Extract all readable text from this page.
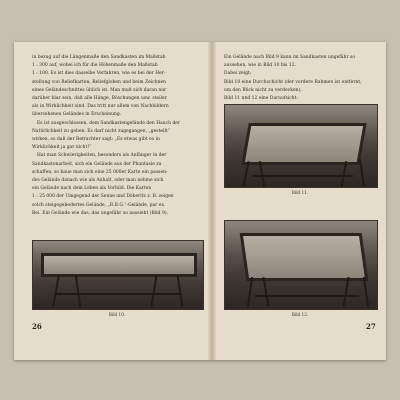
in bezug auf die Längenmaße den Sandkasten im Maßstab

1 : 300 auf, wobei ich für die Höhenmaße den Maßstab

1 : 100. Es ist dies dasselbe Verfahren, wie es bei der Her-

stellung von Reliefkarten, Reliefgloben und beim Zeichnen

eines Geländeschnittes üblich ist. Man muß sich daran nur

darüber klar sein, daß alle Hänge, Böschungen usw. steiler

als in Wirklichkeit sind. Das tritt nur allem von Nachbildern

übersehenen Geländes in Erscheinung.

Es ist ausgeschlossen, dem Sandkastengelände den Hauch der

Natürlichkeit zu geben. Es darf nicht zugegangen, „gestellt“

wirken, so daß der Betrachter sagt: „Es etwas gibt es in

Wirklichkeit ja gar nicht!“

Hat man Schwierigkeiten, besonders als Anfänger in der

Sandkastenarbeit, sich ein Gelände aus der Phantasie zu

schaffen, so baue man sich eine 25 000er Karte ein passen-

des Gelände danach wie als Anhalt, oder man nehme sich

ein Gelände nach dem Leben als Vorbild. Die Karten

1 : 25 000 der Umgegend der Senne und Döberitz z. B. zeigen

solch steigegeliedertes Gelände, „R.B.G.“-Gelände, par ex.

Bei. Ein Gelände wie das, das ungefähr so aussieht (Bild 9).

Bild 10.
26

Ein Gelände nach Bild 9 kann im Sandkasten ungefähr so

aussehen, wie in Bild 10 bis 12.

Dabei zeigt:

Bild 10 eine Durchschicht (der vordere Rahmen ist entfernt,

um den Blick nicht zu verdecken),

Bild 11 und 12 eine Daraufsicht.

Bild 11.
Bild 12.
27
